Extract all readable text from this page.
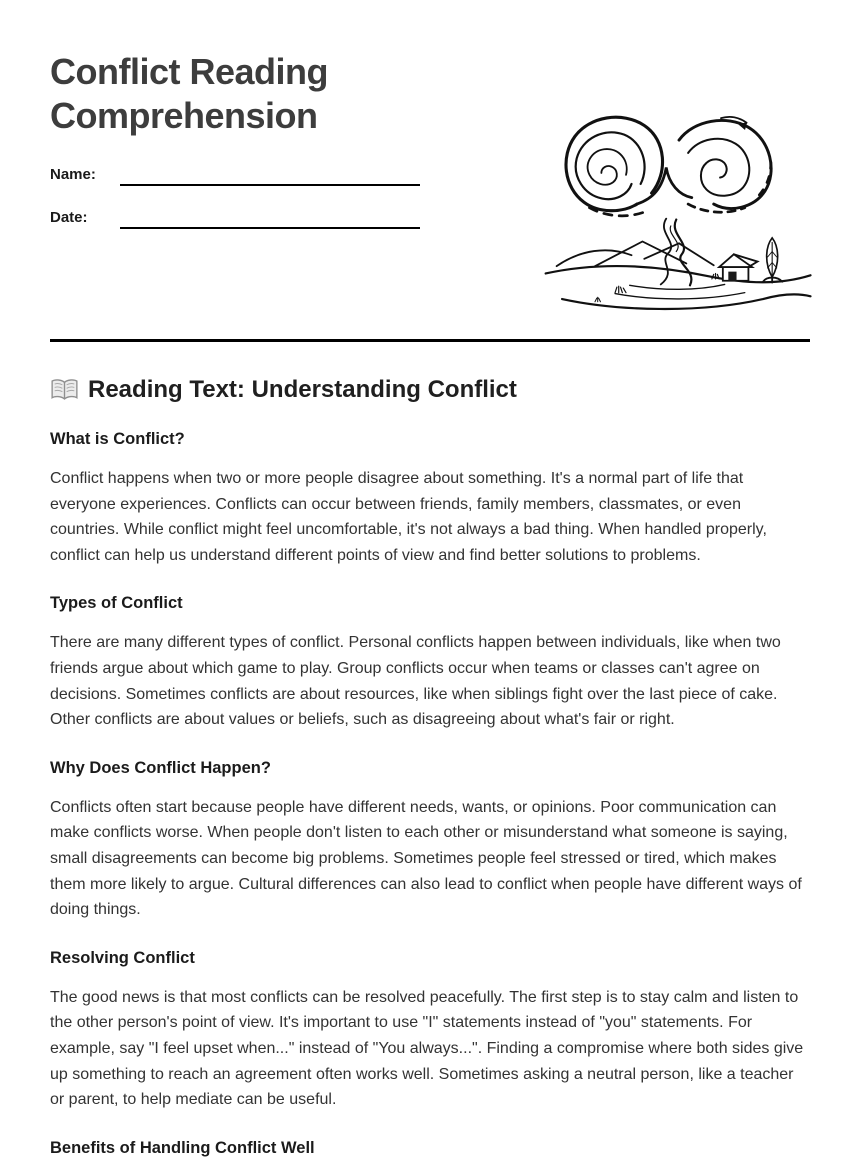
Conflict Reading Comprehension
Name:
Date:
Reading Text: Understanding Conflict
What is Conflict?

Conflict happens when two or more people disagree about something. It's a normal part of life that everyone experiences. Conflicts can occur between friends, family members, classmates, or even countries. While conflict might feel uncomfortable, it's not always a bad thing. When handled properly, conflict can help us understand different points of view and find better solutions to problems.

Types of Conflict

There are many different types of conflict. Personal conflicts happen between individuals, like when two friends argue about which game to play. Group conflicts occur when teams or classes can't agree on decisions. Sometimes conflicts are about resources, like when siblings fight over the last piece of cake. Other conflicts are about values or beliefs, such as disagreeing about what's fair or right.

Why Does Conflict Happen?

Conflicts often start because people have different needs, wants, or opinions. Poor communication can make conflicts worse. When people don't listen to each other or misunderstand what someone is saying, small disagreements can become big problems. Sometimes people feel stressed or tired, which makes them more likely to argue. Cultural differences can also lead to conflict when people have different ways of doing things.

Resolving Conflict

The good news is that most conflicts can be resolved peacefully. The first step is to stay calm and listen to the other person's point of view. It's important to use "I" statements instead of "you" statements. For example, say "I feel upset when..." instead of "You always...". Finding a compromise where both sides give up something to reach an agreement often works well. Sometimes asking a neutral person, like a teacher or parent, to help mediate can be useful.

Benefits of Handling Conflict Well
